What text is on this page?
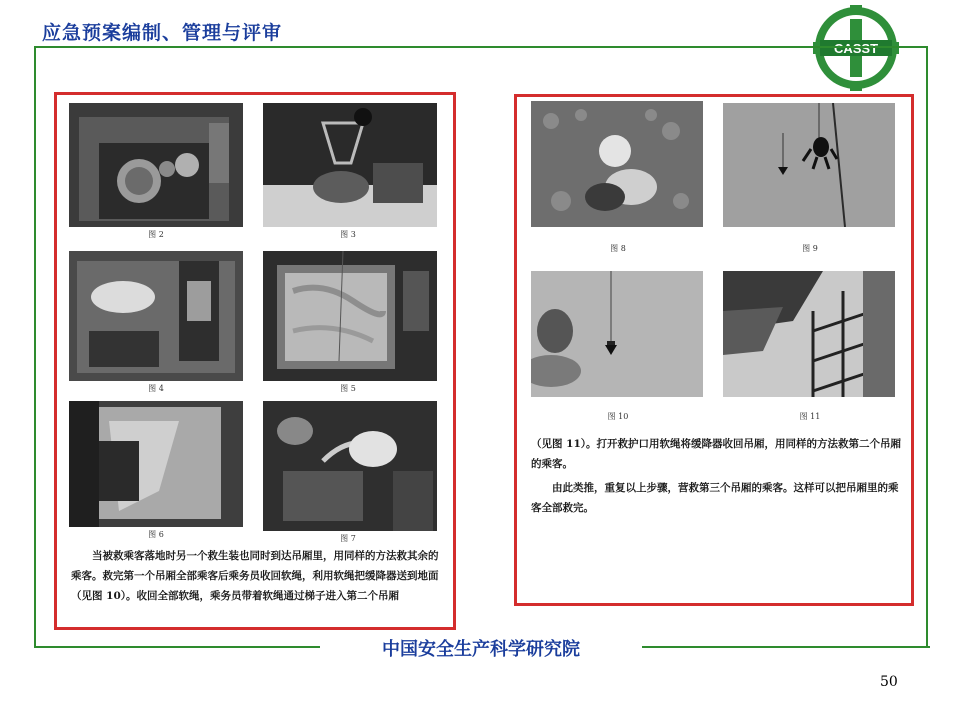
应急预案编制、管理与评审
CASST
中国安全生产科学研究院
50
图 2	图 3
图 4	图 5
图 6	图 7
当被救乘客落地时另一个救生装也同时到达吊厢里，用同样的方法救其余的乘客。救完第一个吊厢全部乘客后乘务员收回软绳，利用软绳把缓降器送到地面（见图 10）。收回全部软绳，乘务员带着软绳通过梯子进入第二个吊厢
图 8	图 9
图 10	图 11
（见图 11）。打开救护口用软绳将缓降器收回吊厢，用同样的方法救第二个吊厢的乘客。
由此类推，重复以上步骤，营救第三个吊厢的乘客。这样可以把吊厢里的乘客全部救完。
